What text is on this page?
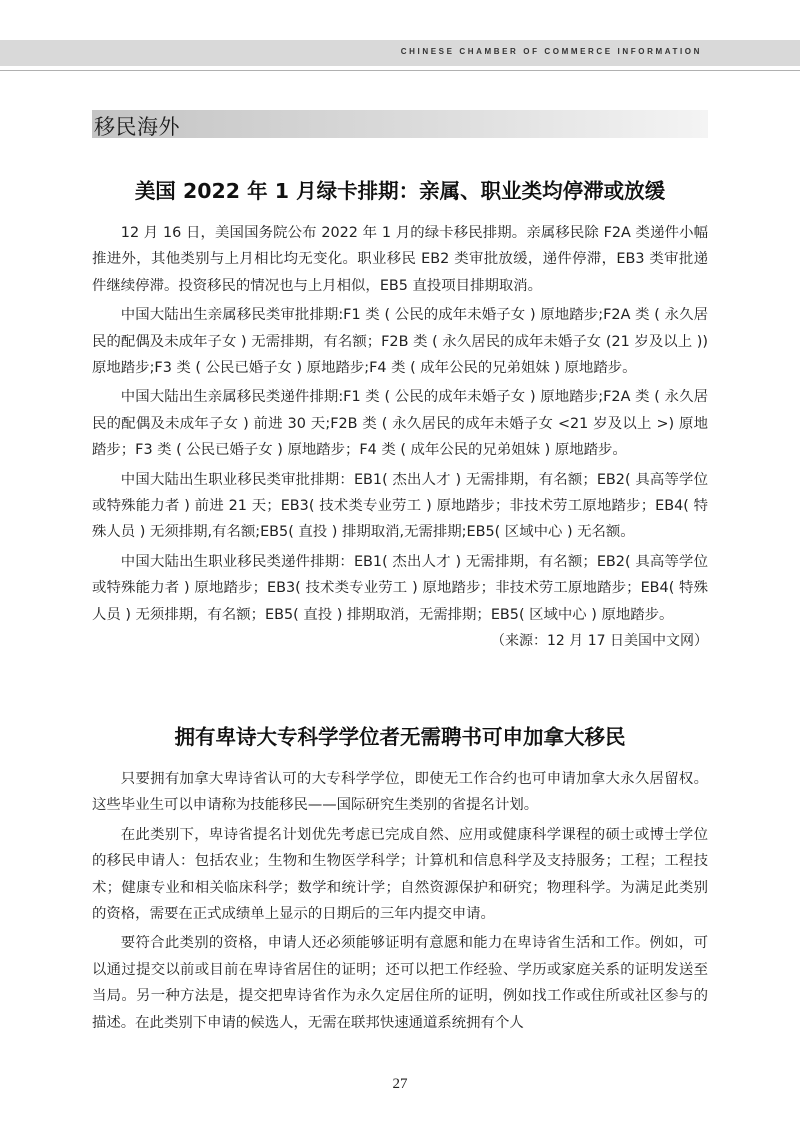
CHINESE CHAMBER OF COMMERCE INFORMATION
移民海外
美国 2022 年 1 月绿卡排期：亲属、职业类均停滞或放缓

12 月 16 日，美国国务院公布 2022 年 1 月的绿卡移民排期。亲属移民除 F2A 类递件小幅推进外，其他类别与上月相比均无变化。职业移民 EB2 类审批放缓，递件停滞，EB3 类审批递件继续停滞。投资移民的情况也与上月相似，EB5 直投项目排期取消。

中国大陆出生亲属移民类审批排期:F1 类 ( 公民的成年未婚子女 ) 原地踏步;F2A 类 ( 永久居民的配偶及未成年子女 ) 无需排期，有名额；F2B 类 ( 永久居民的成年未婚子女 (21 岁及以上 )) 原地踏步;F3 类 ( 公民已婚子女 ) 原地踏步;F4 类 ( 成年公民的兄弟姐妹 ) 原地踏步。

中国大陆出生亲属移民类递件排期:F1 类 ( 公民的成年未婚子女 ) 原地踏步;F2A 类 ( 永久居民的配偶及未成年子女 ) 前进 30 天;F2B 类 ( 永久居民的成年未婚子女 <21 岁及以上 >) 原地踏步；F3 类 ( 公民已婚子女 ) 原地踏步；F4 类 ( 成年公民的兄弟姐妹 ) 原地踏步。

中国大陆出生职业移民类审批排期：EB1( 杰出人才 ) 无需排期，有名额；EB2( 具高等学位或特殊能力者 ) 前进 21 天；EB3( 技术类专业劳工 ) 原地踏步；非技术劳工原地踏步；EB4( 特殊人员 ) 无须排期,有名额;EB5( 直投 ) 排期取消,无需排期;EB5( 区域中心 ) 无名额。

中国大陆出生职业移民类递件排期：EB1( 杰出人才 ) 无需排期，有名额；EB2( 具高等学位或特殊能力者 ) 原地踏步；EB3( 技术类专业劳工 ) 原地踏步；非技术劳工原地踏步；EB4( 特殊人员 ) 无须排期，有名额；EB5( 直投 ) 排期取消，无需排期；EB5( 区域中心 ) 原地踏步。
（来源：12 月 17 日美国中文网）

拥有卑诗大专科学学位者无需聘书可申加拿大移民

只要拥有加拿大卑诗省认可的大专科学学位，即使无工作合约也可申请加拿大永久居留权。这些毕业生可以申请称为技能移民——国际研究生类别的省提名计划。

在此类别下，卑诗省提名计划优先考虑已完成自然、应用或健康科学课程的硕士或博士学位的移民申请人：包括农业；生物和生物医学科学；计算机和信息科学及支持服务；工程；工程技术；健康专业和相关临床科学；数学和统计学；自然资源保护和研究；物理科学。为满足此类别的资格，需要在正式成绩单上显示的日期后的三年内提交申请。

要符合此类别的资格，申请人还必须能够证明有意愿和能力在卑诗省生活和工作。例如，可以通过提交以前或目前在卑诗省居住的证明；还可以把工作经验、学历或家庭关系的证明发送至当局。另一种方法是，提交把卑诗省作为永久定居住所的证明，例如找工作或住所或社区参与的描述。在此类别下申请的候选人，无需在联邦快速通道系统拥有个人

27
